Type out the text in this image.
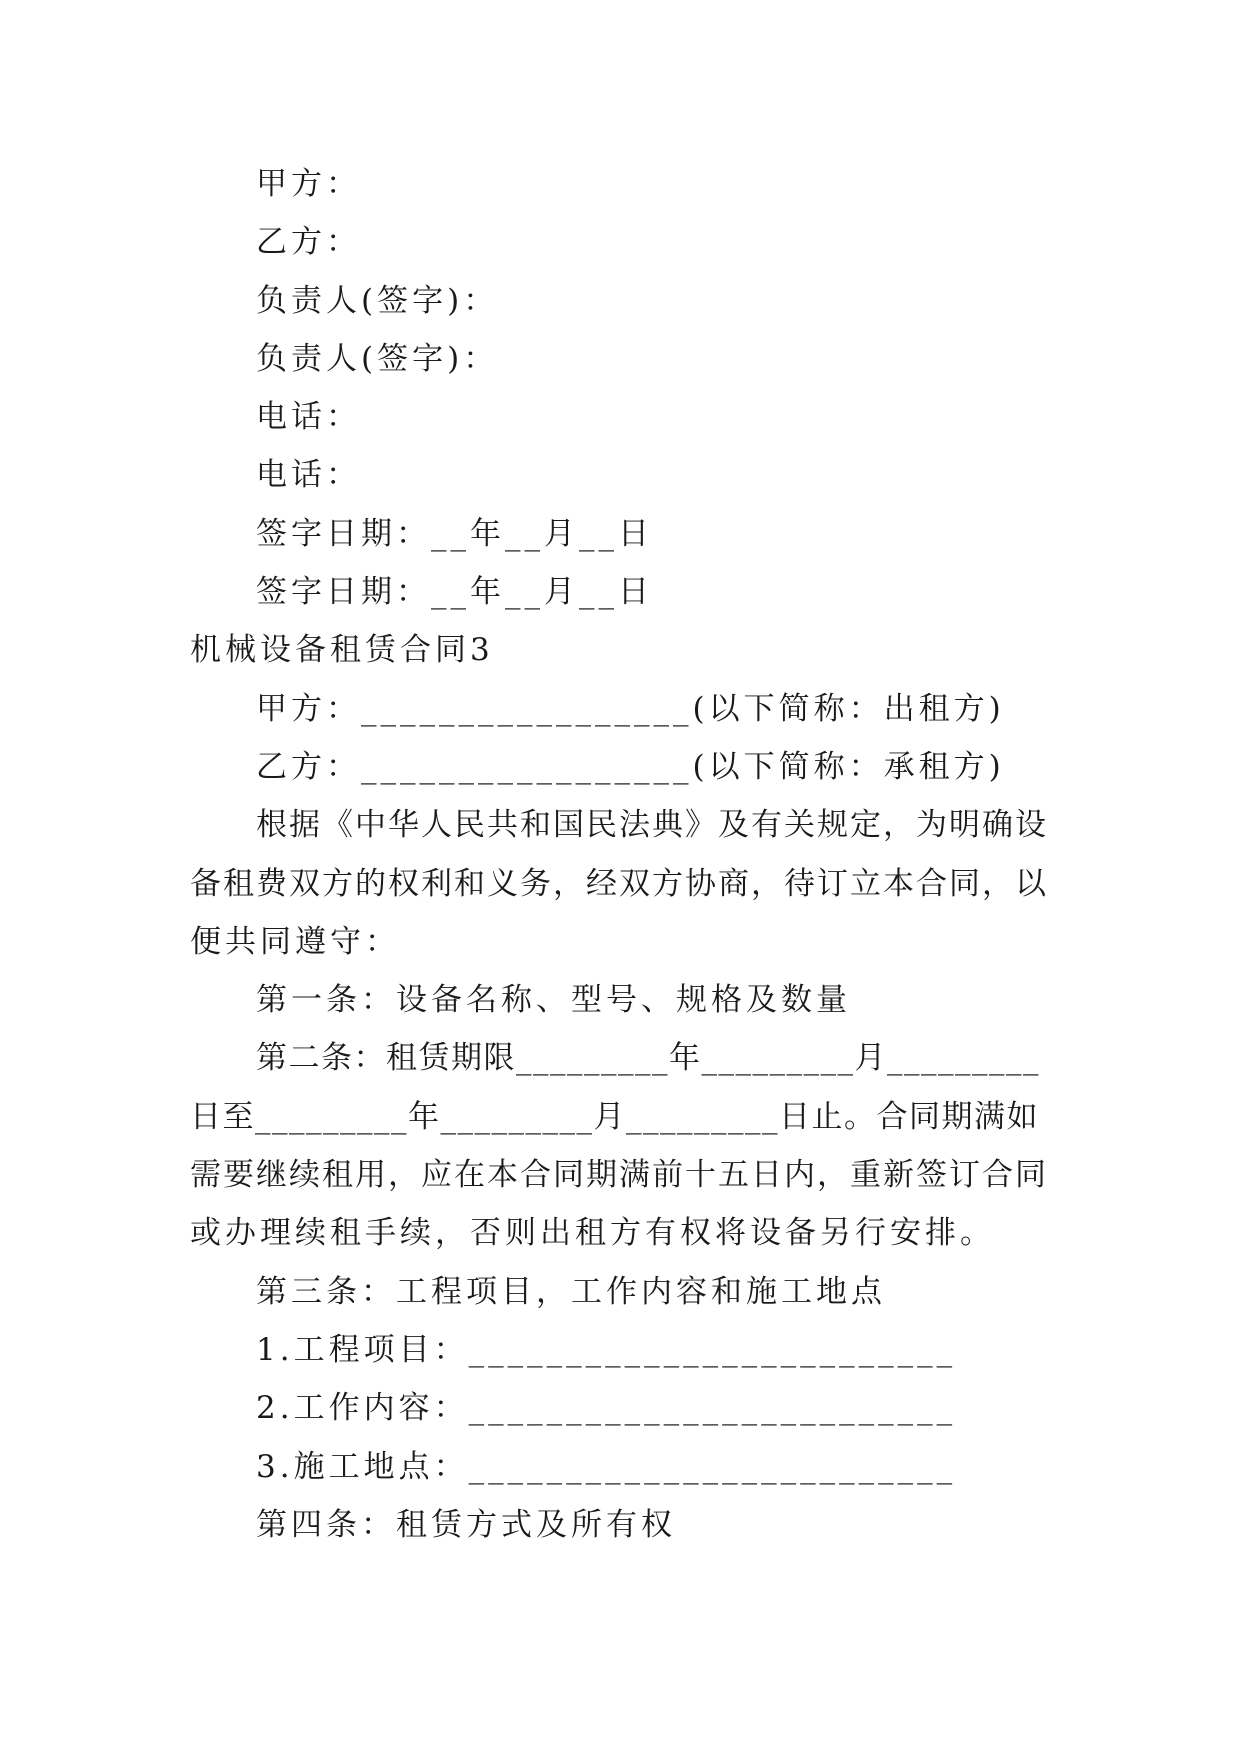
甲方：
乙方：
负责人(签字)：
负责人(签字)：
电话：
电话：
签字日期：__年__月__日
签字日期：__年__月__日
机械设备租赁合同3
甲方：_________________(以下简称：出租方)
乙方：_________________(以下简称：承租方)
根据《中华人民共和国民法典》及有关规定，为明确设
备租费双方的权利和义务，经双方协商，待订立本合同，以
便共同遵守：
第一条：设备名称、型号、规格及数量
第二条：租赁期限_________年_________月_________
日至_________年_________月_________日止。合同期满如
需要继续租用，应在本合同期满前十五日内，重新签订合同
或办理续租手续，否则出租方有权将设备另行安排。
第三条：工程项目，工作内容和施工地点
1.工程项目：_________________________
2.工作内容：_________________________
3.施工地点：_________________________
第四条：租赁方式及所有权
